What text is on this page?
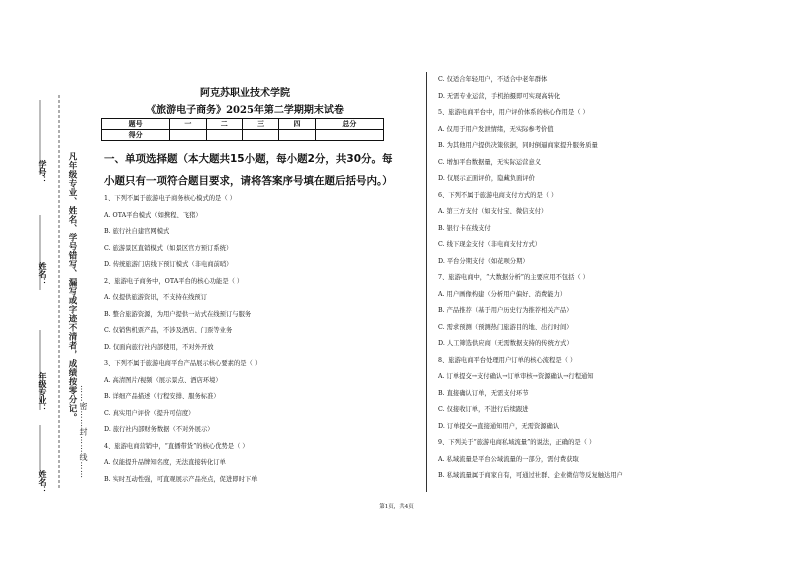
学号：
姓名：
年级专业：
姓名：
凡年级专业、姓名、学号错写、漏写或字迹不清者，成绩按零分记。
……密……封……线……
阿克苏职业技术学院
《旅游电子商务》2025年第二学期期末试卷
题号	一	二	三	四	总分
得分					
一、单项选择题（本大题共15小题，每小题2分，共30分。每小题只有一项符合题目要求，请将答案序号填在题后括号内。）
1、下列不属于旅游电子商务核心模式的是（ ）
A. OTA平台模式（如携程、飞猪）
B. 旅行社自建官网模式
C. 旅游景区直销模式（如景区官方预订系统）
D. 传统旅游门店线下预订模式（非电商前哨）
2、旅游电子商务中，OTA平台的核心功能是（ ）
A. 仅提供旅游资讯，不支持在线预订
B. 整合旅游资源，为用户提供一站式在线预订与服务
C. 仅销售机票产品，不涉及酒店、门票等业务
D. 仅面向旅行社内部使用，不对外开放
3、下列不属于旅游电商平台产品展示核心要素的是（ ）
A. 高清图片/视频（展示景点、酒店环境）
B. 详细产品描述（行程安排、服务标准）
C. 真实用户评价（提升可信度）
D. 旅行社内部财务数据（不对外展示）
4、旅游电商营销中，“直播带货”的核心优势是（ ）
A. 仅能提升品牌知名度，无法直接转化订单
B. 实时互动性强，可直观展示产品亮点，促进即时下单
C. 仅适合年轻用户，不适合中老年群体
D. 无需专业运营，手机拍摄即可实现高转化
5、旅游电商平台中，用户评价体系的核心作用是（ ）
A. 仅用于用户发泄情绪，无实际参考价值
B. 为其他用户提供决策依据，同时倒逼商家提升服务质量
C. 增加平台数据量，无实际运营意义
D. 仅展示正面评价，隐藏负面评价
6、下列不属于旅游电商支付方式的是（ ）
A. 第三方支付（如支付宝、微信支付）
B. 银行卡在线支付
C. 线下现金支付（非电商支付方式）
D. 平台分期支付（如花呗分期）
7、旅游电商中，“大数据分析”的主要应用不包括（ ）
A. 用户画像构建（分析用户偏好、消费能力）
B. 产品推荐（基于用户历史行为推荐相关产品）
C. 需求预测（预测热门旅游目的地、出行时间）
D. 人工筛选供应商（无需数据支持的传统方式）
8、旅游电商平台处理用户订单的核心流程是（ ）
A. 订单提交→支付确认→订单审核→资源确认→行程通知
B. 直接确认订单，无需支付环节
C. 仅接收订单，不进行后续跟进
D. 订单提交→直接通知用户，无需资源确认
9、下列关于“旅游电商私域流量”的说法，正确的是（ ）
A. 私域流量是平台公域流量的一部分，需付费获取
B. 私域流量属于商家自有，可通过社群、企业微信等反复触达用户
第1页，共4页
